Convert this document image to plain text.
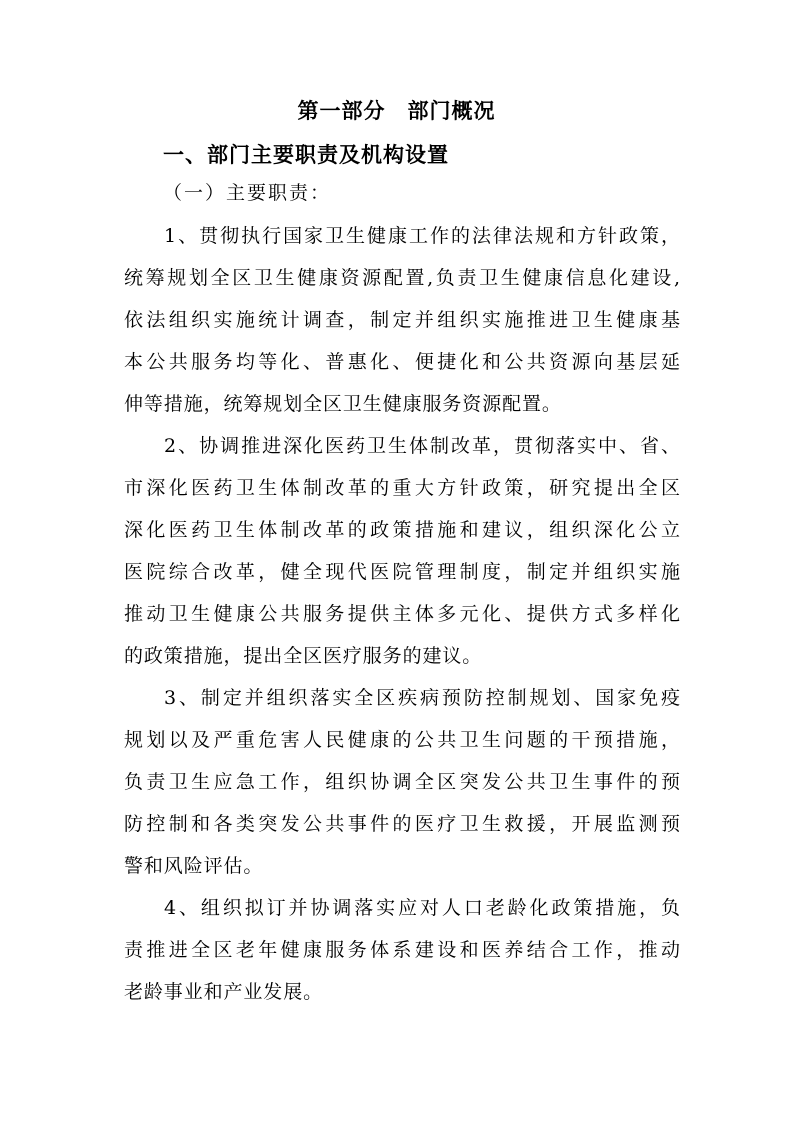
第一部分　部门概况
一、部门主要职责及机构设置
（一）主要职责：
1、贯彻执行国家卫生健康工作的法律法规和方针政策，
统筹规划全区卫生健康资源配置,负责卫生健康信息化建设,
依法组织实施统计调查，制定并组织实施推进卫生健康基
本公共服务均等化、普惠化、便捷化和公共资源向基层延
伸等措施，统筹规划全区卫生健康服务资源配置。
2、协调推进深化医药卫生体制改革，贯彻落实中、省、
市深化医药卫生体制改革的重大方针政策，研究提出全区
深化医药卫生体制改革的政策措施和建议，组织深化公立
医院综合改革，健全现代医院管理制度，制定并组织实施
推动卫生健康公共服务提供主体多元化、提供方式多样化
的政策措施，提出全区医疗服务的建议。
3、制定并组织落实全区疾病预防控制规划、国家免疫
规划以及严重危害人民健康的公共卫生问题的干预措施，
负责卫生应急工作，组织协调全区突发公共卫生事件的预
防控制和各类突发公共事件的医疗卫生救援，开展监测预
警和风险评估。
4、组织拟订并协调落实应对人口老龄化政策措施，负
责推进全区老年健康服务体系建设和医养结合工作，推动
老龄事业和产业发展。
